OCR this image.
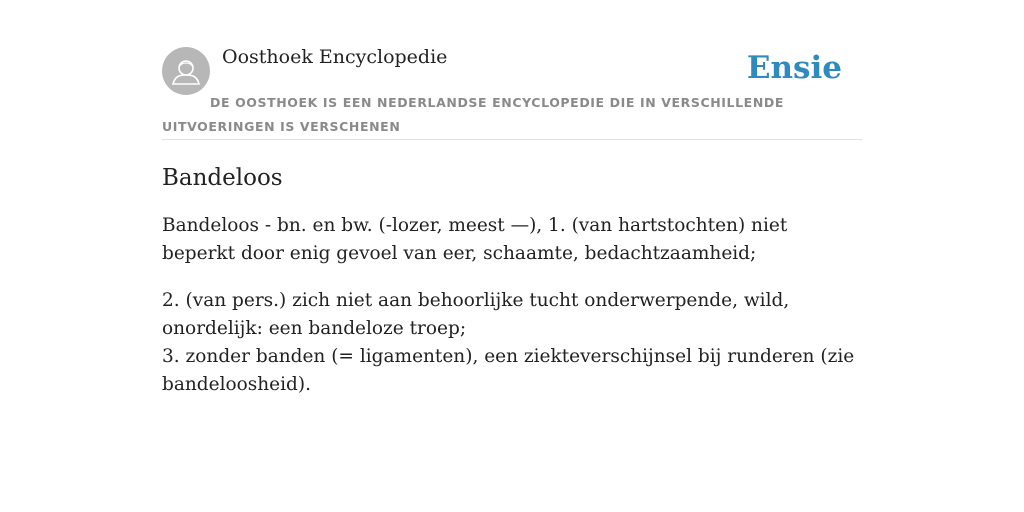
Oosthoek Encyclopedie	Ensie
DE OOSTHOEK IS EEN NEDERLANDSE ENCYCLOPEDIE DIE IN VERSCHILLENDE UITVOERINGEN IS VERSCHENEN
Bandeloos

Bandeloos - bn. en bw. (-lozer, meest —), 1. (van hartstochten) niet beperkt door enig gevoel van eer, schaamte, bedachtzaamheid;

2. (van pers.) zich niet aan behoorlijke tucht onderwerpende, wild, onordelijk: een bandeloze troep;

3. zonder banden (= ligamenten), een ziekteverschijnsel bij runderen (zie bandeloosheid).
